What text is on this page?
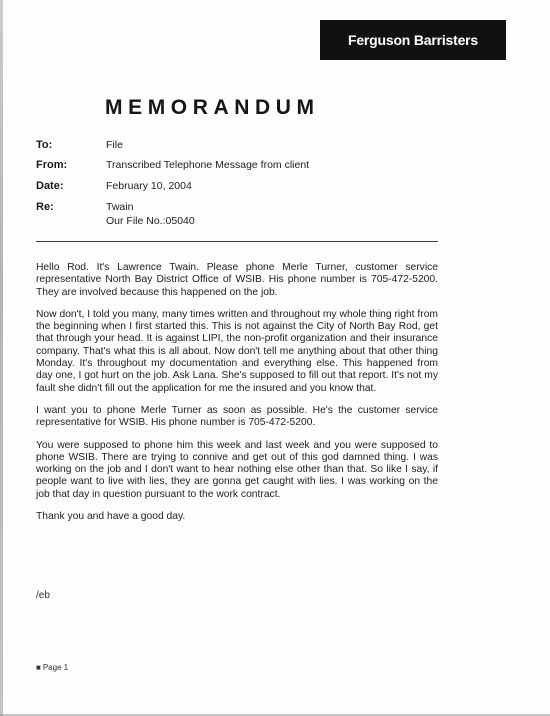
Ferguson Barristers
MEMORANDUM
To:	File
From:	Transcribed Telephone Message from client
Date:	February 10, 2004
Re:	Twain
Our File No.:05040

Hello Rod. It's Lawrence Twain. Please phone Merle Turner, customer service representative North Bay District Office of WSIB. His phone number is 705-472-5200. They are involved because this happened on the job.

Now don't, I told you many, many times written and throughout my whole thing right from the beginning when I first started this. This is not against the City of North Bay Rod, get that through your head. It is against LIPI, the non-profit organization and their insurance company. That's what this is all about. Now don't tell me anything about that other thing Monday. It's throughout my documentation and everything else. This happened from day one, I got hurt on the job. Ask Lana. She's supposed to fill out that report. It's not my fault she didn't fill out the application for me the insured and you know that.

I want you to phone Merle Turner as soon as possible. He's the customer service representative for WSIB. His phone number is 705-472-5200.

You were supposed to phone him this week and last week and you were supposed to phone WSIB. There are trying to connive and get out of this god damned thing. I was working on the job and I don't want to hear nothing else other than that. So like I say, if people want to live with lies, they are gonna get caught with lies. I was working on the job that day in question pursuant to the work contract.

Thank you and have a good day.

/eb
■ Page 1
